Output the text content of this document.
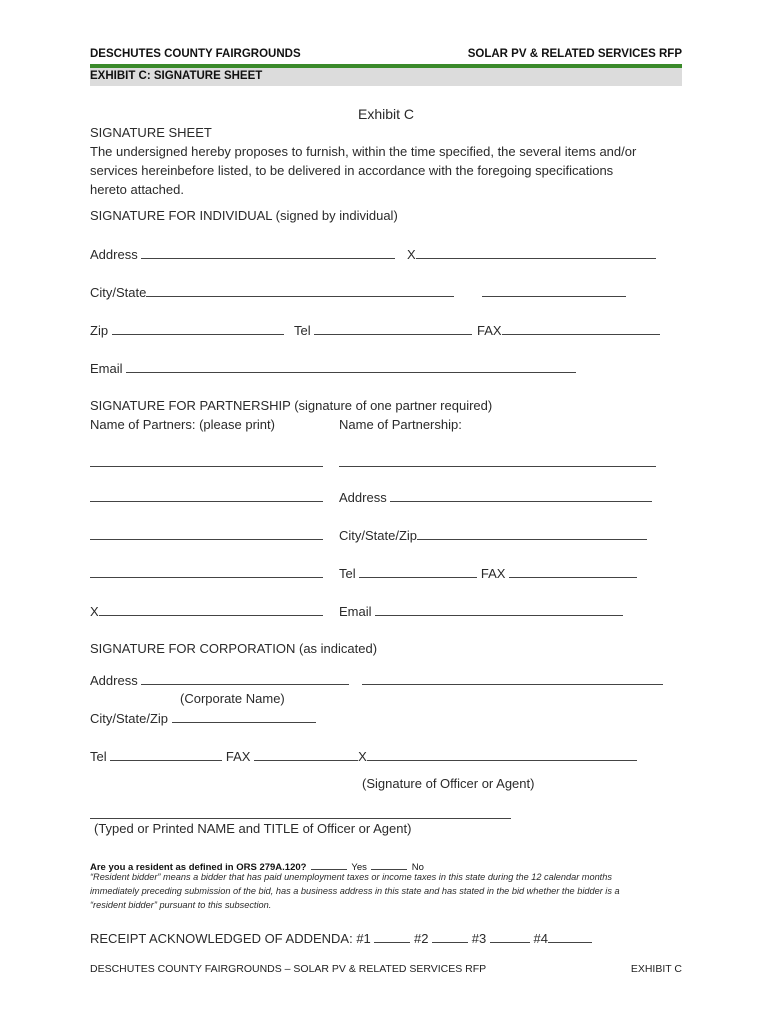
DESCHUTES COUNTY FAIRGROUNDS	SOLAR PV & RELATED SERVICES RFP
EXHIBIT C: SIGNATURE SHEET
Exhibit C
SIGNATURE SHEET
The undersigned hereby proposes to furnish, within the time specified, the several items and/or
services hereinbefore listed, to be delivered in accordance with the foregoing specifications
hereto attached.
SIGNATURE FOR INDIVIDUAL (signed by individual)
Address	X
City/State
Zip	Tel	FAX
Email
SIGNATURE FOR PARTNERSHIP (signature of one partner required)
Name of Partners: (please print)	Name of Partnership:
X
Address
City/State/Zip
Tel	FAX
Email
SIGNATURE FOR CORPORATION (as indicated)
Address
(Corporate Name)
City/State/Zip
Tel	FAX	X
(Signature of Officer or Agent)
(Typed or Printed NAME and TITLE of Officer or Agent)
Are you a resident as defined in ORS 279A.120?	Yes	No
“Resident bidder” means a bidder that has paid unemployment taxes or income taxes in this state during the 12 calendar months
immediately preceding submission of the bid, has a business address in this state and has stated in the bid whether the bidder is a
“resident bidder” pursuant to this subsection.
RECEIPT ACKNOWLEDGED OF ADDENDA: #1	#2	#3	#4
DESCHUTES COUNTY FAIRGROUNDS – SOLAR PV & RELATED SERVICES RFP	EXHIBIT C
